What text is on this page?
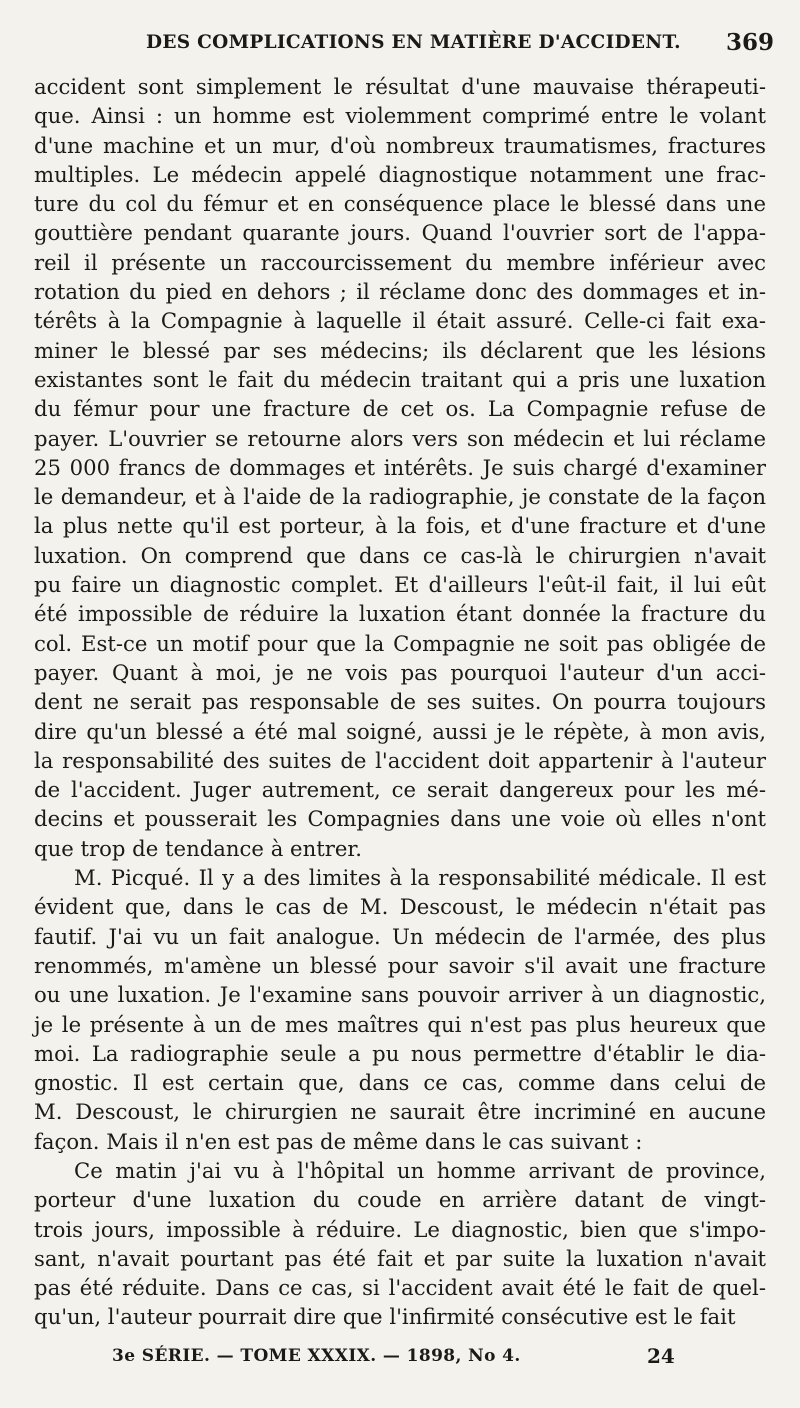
DES COMPLICATIONS EN MATIÈRE D'ACCIDENT. 369
accident sont simplement le résultat d'une mauvaise thérapeuti-
que. Ainsi : un homme est violemment comprimé entre le volant
d'une machine et un mur, d'où nombreux traumatismes, fractures
multiples. Le médecin appelé diagnostique notamment une frac-
ture du col du fémur et en conséquence place le blessé dans une
gouttière pendant quarante jours. Quand l'ouvrier sort de l'appa-
reil il présente un raccourcissement du membre inférieur avec
rotation du pied en dehors ; il réclame donc des dommages et in-
térêts à la Compagnie à laquelle il était assuré. Celle-ci fait exa-
miner le blessé par ses médecins; ils déclarent que les lésions
existantes sont le fait du médecin traitant qui a pris une luxation
du fémur pour une fracture de cet os. La Compagnie refuse de
payer. L'ouvrier se retourne alors vers son médecin et lui réclame
25 000 francs de dommages et intérêts. Je suis chargé d'examiner
le demandeur, et à l'aide de la radiographie, je constate de la façon
la plus nette qu'il est porteur, à la fois, et d'une fracture et d'une
luxation. On comprend que dans ce cas-là le chirurgien n'avait
pu faire un diagnostic complet. Et d'ailleurs l'eût-il fait, il lui eût
été impossible de réduire la luxation étant donnée la fracture du
col. Est-ce un motif pour que la Compagnie ne soit pas obligée de
payer. Quant à moi, je ne vois pas pourquoi l'auteur d'un acci-
dent ne serait pas responsable de ses suites. On pourra toujours
dire qu'un blessé a été mal soigné, aussi je le répète, à mon avis,
la responsabilité des suites de l'accident doit appartenir à l'auteur
de l'accident. Juger autrement, ce serait dangereux pour les mé-
decins et pousserait les Compagnies dans une voie où elles n'ont
que trop de tendance à entrer.
M. Picqué. Il y a des limites à la responsabilité médicale. Il est
évident que, dans le cas de M. Descoust, le médecin n'était pas
fautif. J'ai vu un fait analogue. Un médecin de l'armée, des plus
renommés, m'amène un blessé pour savoir s'il avait une fracture
ou une luxation. Je l'examine sans pouvoir arriver à un diagnostic,
je le présente à un de mes maîtres qui n'est pas plus heureux que
moi. La radiographie seule a pu nous permettre d'établir le dia-
gnostic. Il est certain que, dans ce cas, comme dans celui de
M. Descoust, le chirurgien ne saurait être incriminé en aucune
façon. Mais il n'en est pas de même dans le cas suivant :
Ce matin j'ai vu à l'hôpital un homme arrivant de province,
porteur d'une luxation du coude en arrière datant de vingt-
trois jours, impossible à réduire. Le diagnostic, bien que s'impo-
sant, n'avait pourtant pas été fait et par suite la luxation n'avait
pas été réduite. Dans ce cas, si l'accident avait été le fait de quel-
qu'un, l'auteur pourrait dire que l'infirmité consécutive est le fait
3e SÉRIE. — TOME XXXIX. — 1898, No 4.	24
